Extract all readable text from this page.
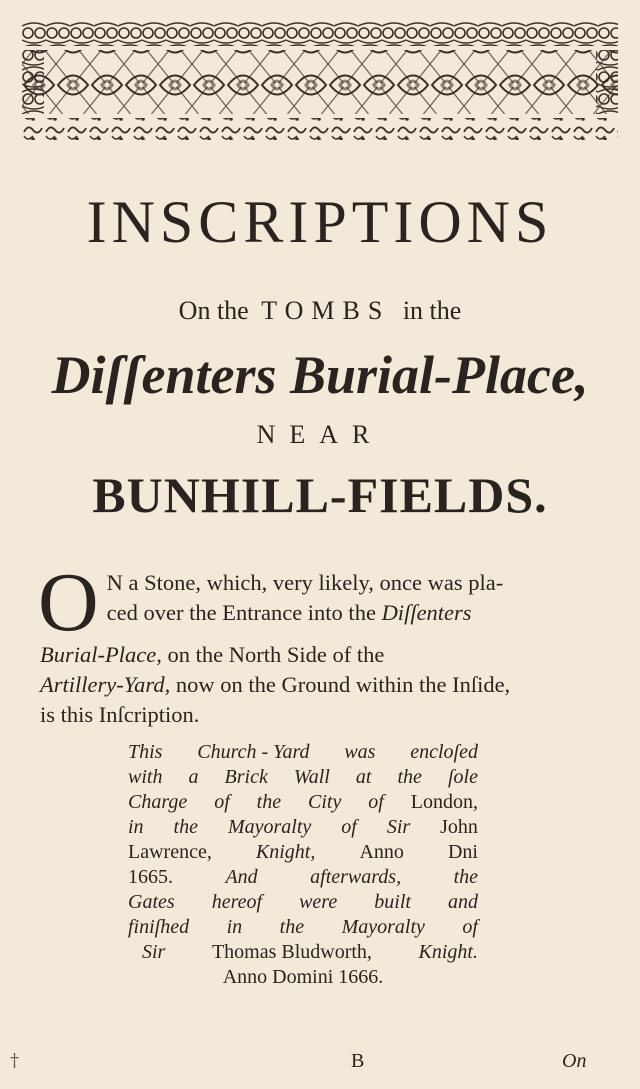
INSCRIPTIONS
On the TOMBS in the
Diſſenters Burial-Place,
NEAR
BUNHILL-FIELDS.
O N a Stone, which, very likely, once was pla-
ced over the Entrance into the Diſſenters
Burial-Place, on the North Side of the
Artillery-Yard, now on the Ground within the Inſide,
is this Inſcription.
This Church - Yard was encloſed
with a Brick Wall at the ſole
Charge of the City of London,
in the Mayoralty of Sir John
Lawrence, Knight, Anno Dni
1665.	And	afterwards,	the
Gates hereof were built and
finiſhed in the Mayoralty of
Sir Thomas Bludworth, Knight.
Anno Domini 1666.
†	B	On
